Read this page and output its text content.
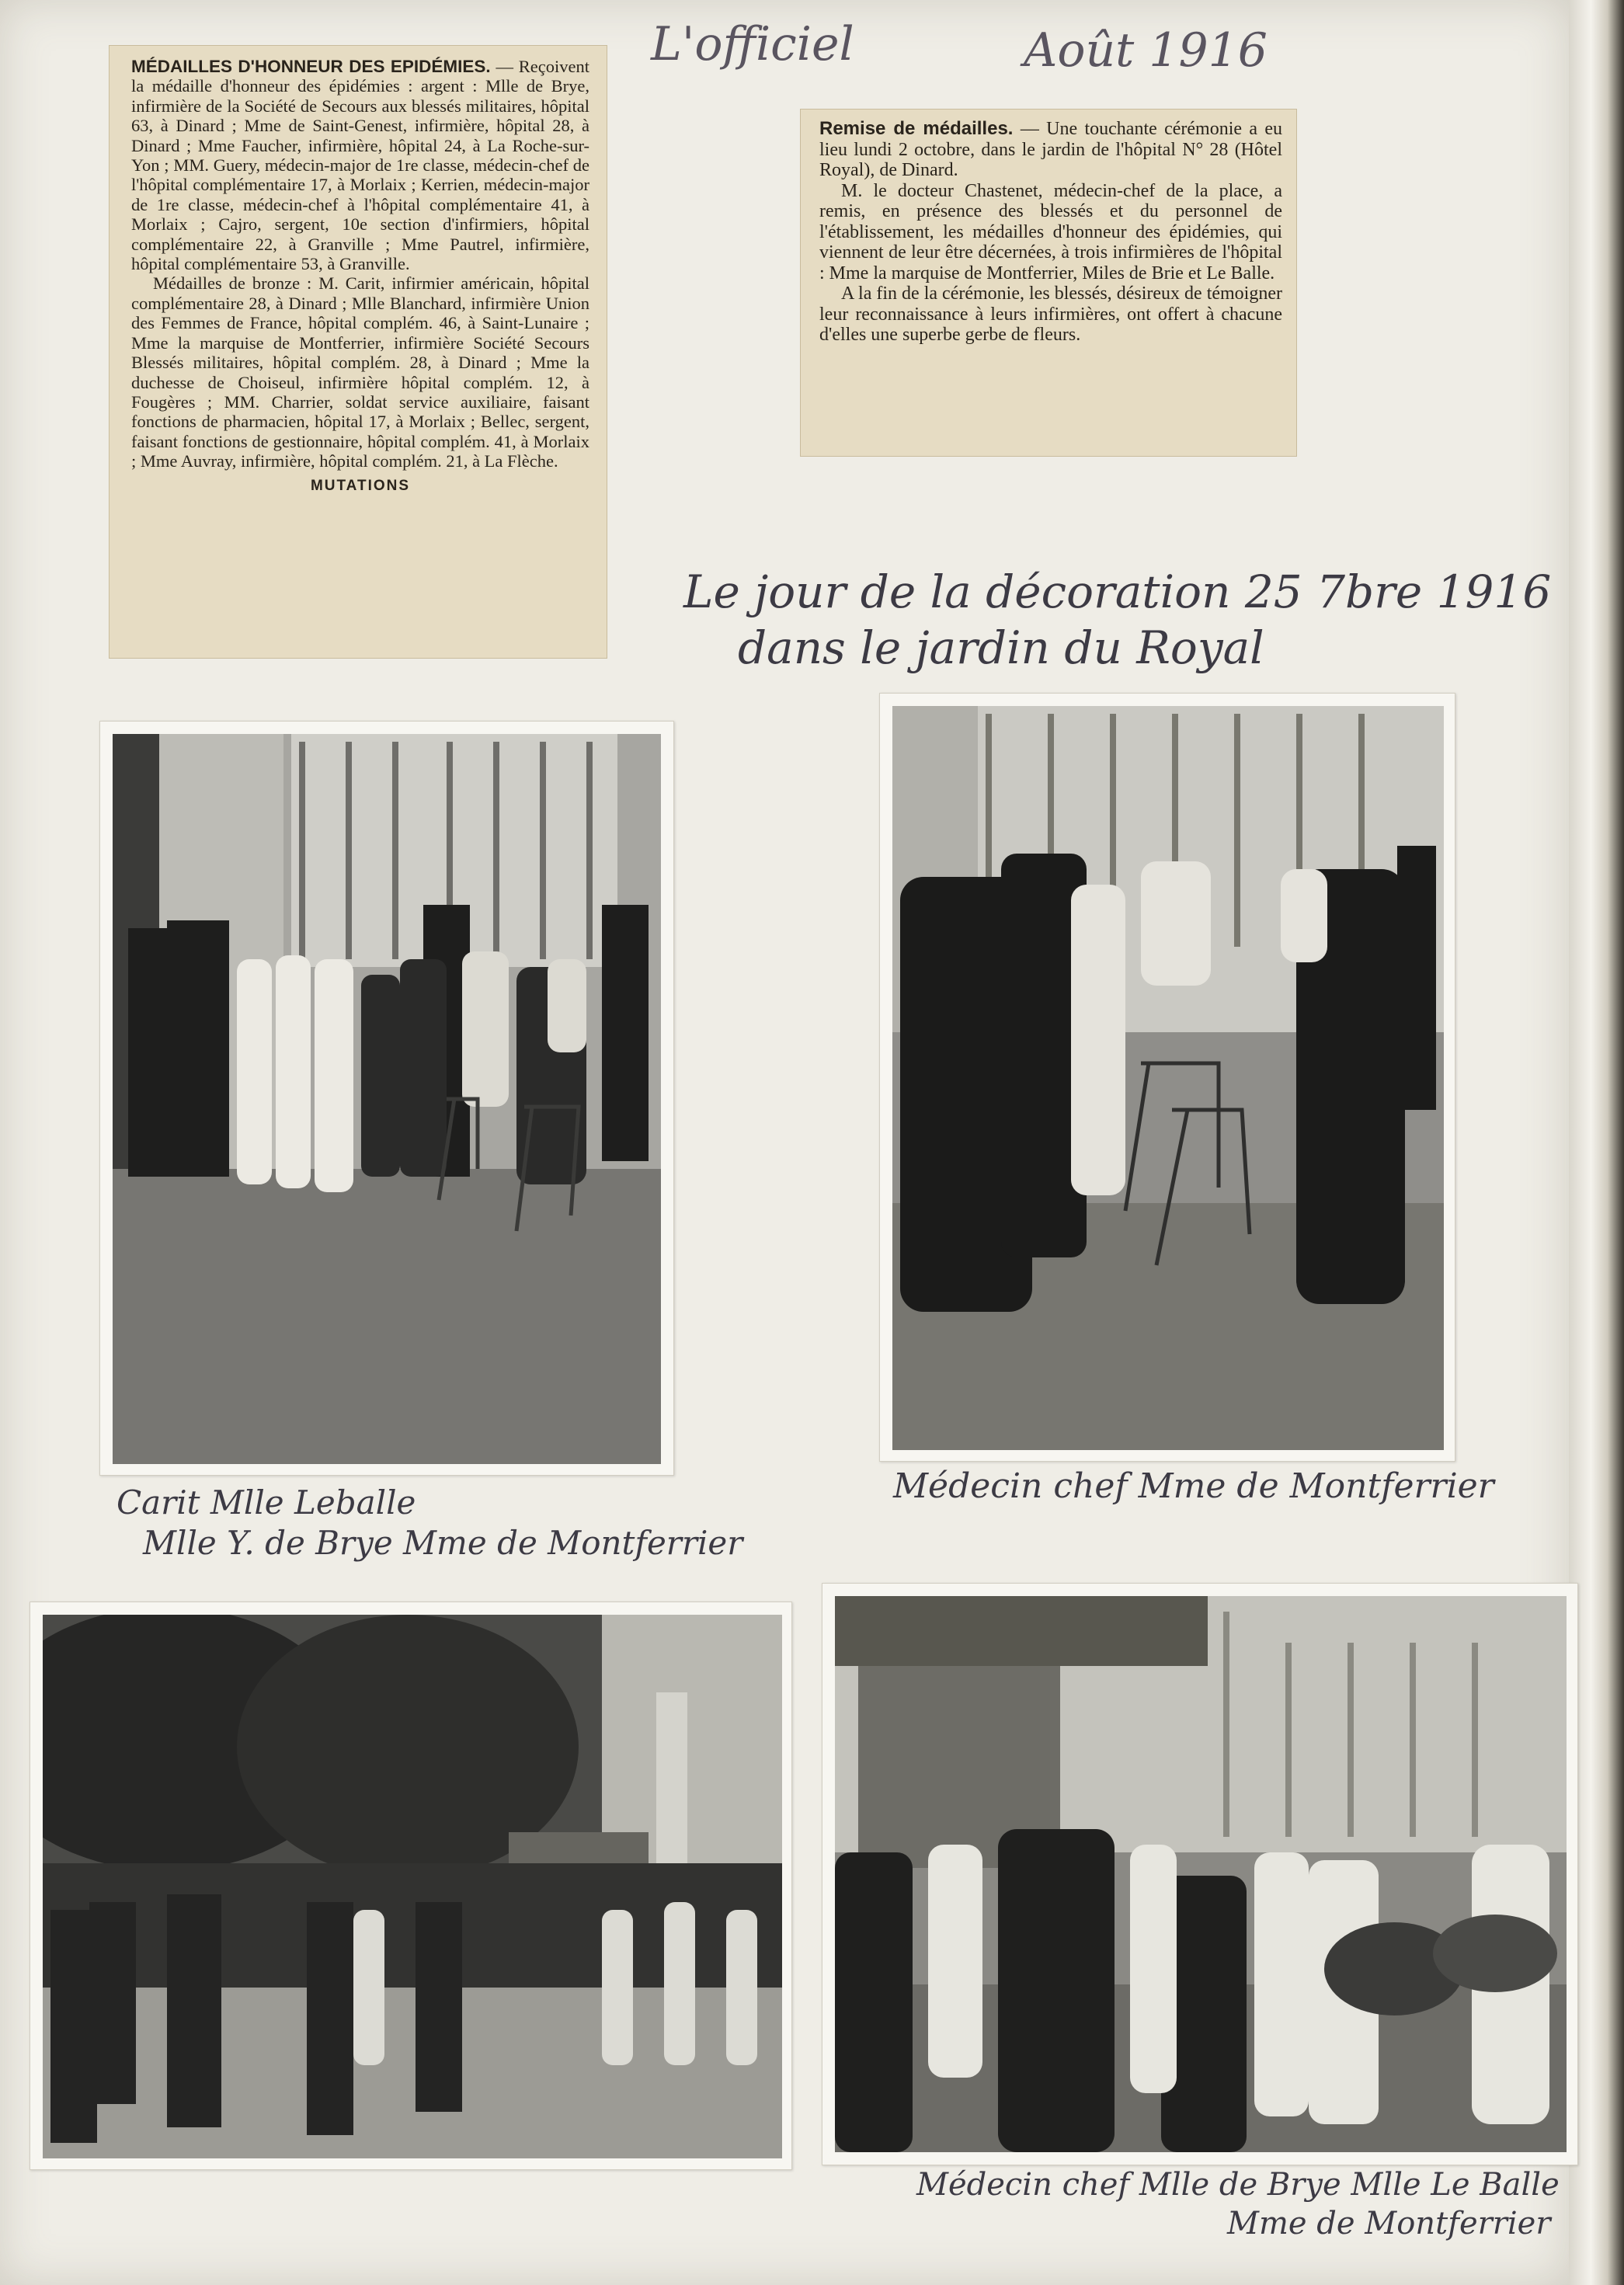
L'officiel	Août 1916

MÉDAILLES D'HONNEUR DES EPIDÉMIES. — Reçoivent la médaille d'honneur des épidémies : argent : Mlle de Brye, infirmière de la Société de Secours aux blessés militaires, hôpital 63, à Dinard ; Mme de Saint-Genest, infirmière, hôpital 28, à Dinard ; Mme Faucher, infirmière, hôpital 24, à La Roche-sur-Yon ; MM. Guery, médecin-major de 1re classe, médecin-chef de l'hôpital complémentaire 17, à Morlaix ; Kerrien, médecin-major de 1re classe, médecin-chef à l'hôpital complémentaire 41, à Morlaix ; Cajro, sergent, 10e section d'infirmiers, hôpital complémentaire 22, à Granville ; Mme Pautrel, infirmière, hôpital complémentaire 53, à Granville.

Médailles de bronze : M. Carit, infirmier américain, hôpital complémentaire 28, à Dinard ; Mlle Blanchard, infirmière Union des Femmes de France, hôpital complém. 46, à Saint-Lunaire ; Mme la marquise de Montferrier, infirmière Société Secours Blessés militaires, hôpital complém. 28, à Dinard ; Mme la duchesse de Choiseul, infirmière hôpital complém. 12, à Fougères ; MM. Charrier, soldat service auxiliaire, faisant fonctions de pharmacien, hôpital 17, à Morlaix ; Bellec, sergent, faisant fonctions de gestionnaire, hôpital complém. 41, à Morlaix ; Mme Auvray, infirmière, hôpital complém. 21, à La Flèche.

MUTATIONS

Remise de médailles. — Une touchante cérémonie a eu lieu lundi 2 octobre, dans le jardin de l'hôpital N° 28 (Hôtel Royal), de Dinard.

M. le docteur Chastenet, médecin-chef de la place, a remis, en présence des blessés et du personnel de l'établissement, les médailles d'honneur des épidémies, qui viennent de leur être décernées, à trois infirmières de l'hôpital : Mme la marquise de Montferrier, Miles de Brie et Le Balle.

A la fin de la cérémonie, les blessés, désireux de témoigner leur reconnaissance à leurs infirmières, ont offert à chacune d'elles une superbe gerbe de fleurs.

Le jour de la décoration 25 7bre 1916
dans le jardin du Royal
Carit Mlle Leballe
Mlle Y. de Brye Mme de Montferrier
Médecin chef Mme de Montferrier
Médecin chef Mlle de Brye Mlle Le Balle
Mme de Montferrier
